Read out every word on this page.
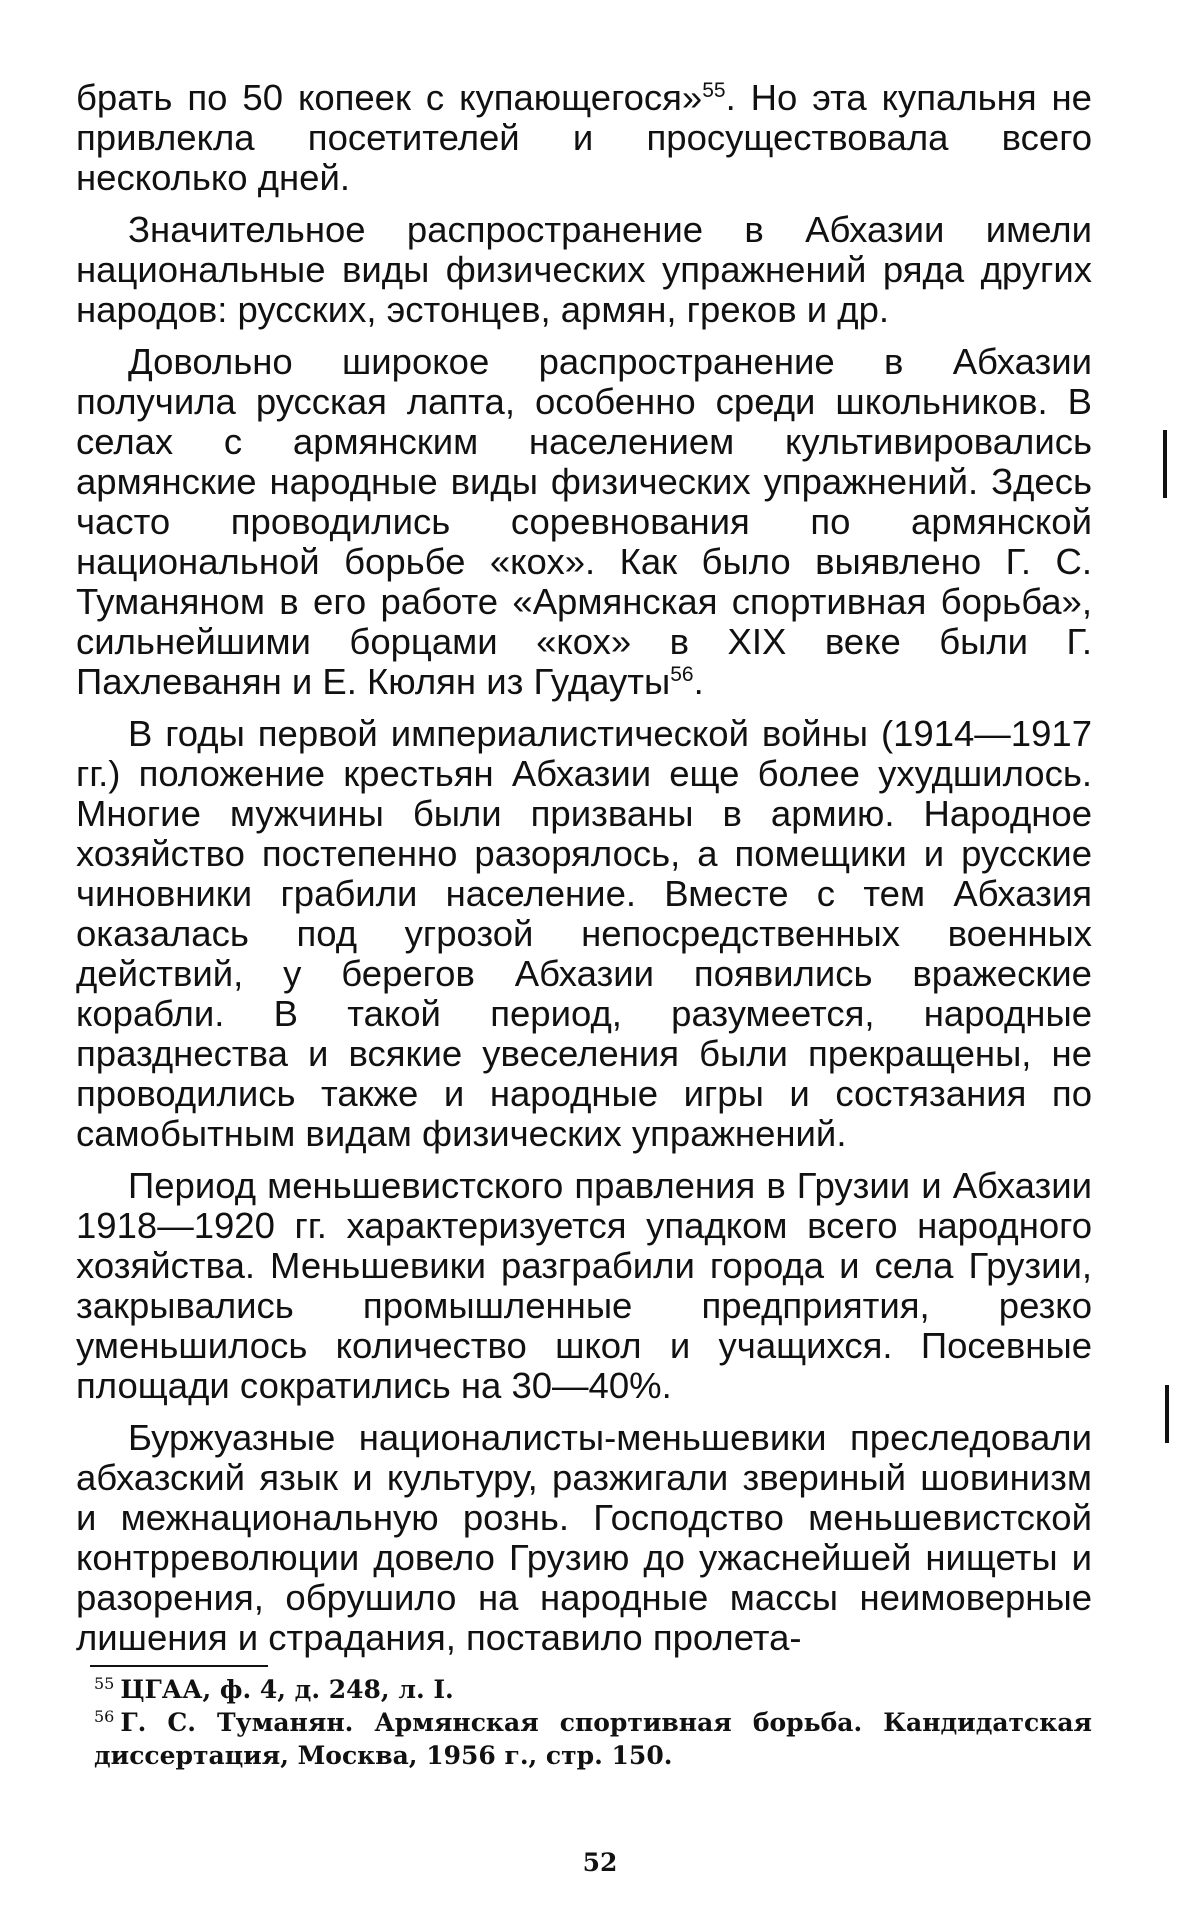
брать по 50 копеек с купающегося»$^{55}$. Но эта купальня не привлекла посетителей и просуществовала всего несколько дней.

Значительное распространение в Абхазии имели национальные виды физических упражнений ряда других народов: русских, эстонцев, армян, греков и др.

Довольно широкое распространение в Абхазии получила русская лапта, особенно среди школьников. В селах с армянским населением культивировались армянские народные виды физических упражнений. Здесь часто проводились соревнования по армянской национальной борьбе «кох». Как было выявлено Г. С. Туманяном в его работе «Армянская спортивная борьба», сильнейшими борцами «кох» в XIX веке были Г. Пахлеванян и Е. Кюлян из Гудауты$^{56}$.

В годы первой империалистической войны (1914—1917 гг.) положение крестьян Абхазии еще более ухудшилось. Многие мужчины были призваны в армию. Народное хозяйство постепенно разорялось, а помещики и русские чиновники грабили население. Вместе с тем Абхазия оказалась под угрозой непосредственных военных действий, у берегов Абхазии появились вражеские корабли. В такой период, разумеется, народные празднества и всякие увеселения были прекращены, не проводились также и народные игры и состязания по самобытным видам физических упражнений.

Период меньшевистского правления в Грузии и Абхазии 1918—1920 гг. характеризуется упадком всего народного хозяйства. Меньшевики разграбили города и села Грузии, закрывались промышленные предприятия, резко уменьшилось количество школ и учащихся. Посевные площади сократились на 30—40%.

Буржуазные националисты-меньшевики преследовали абхазский язык и культуру, разжигали звериный шовинизм и межнациональную рознь. Господство меньшевистской контрреволюции довело Грузию до ужаснейшей нищеты и разорения, обрушило на народные массы неимоверные лишения и страдания, поставило пролета-

$^{55}$ ЦГАА, ф. 4, д. 248, л. I.

$^{56}$ Г. С. Туманян. Армянская спортивная борьба. Кандидатская диссертация, Москва, 1956 г., стр. 150.

52
